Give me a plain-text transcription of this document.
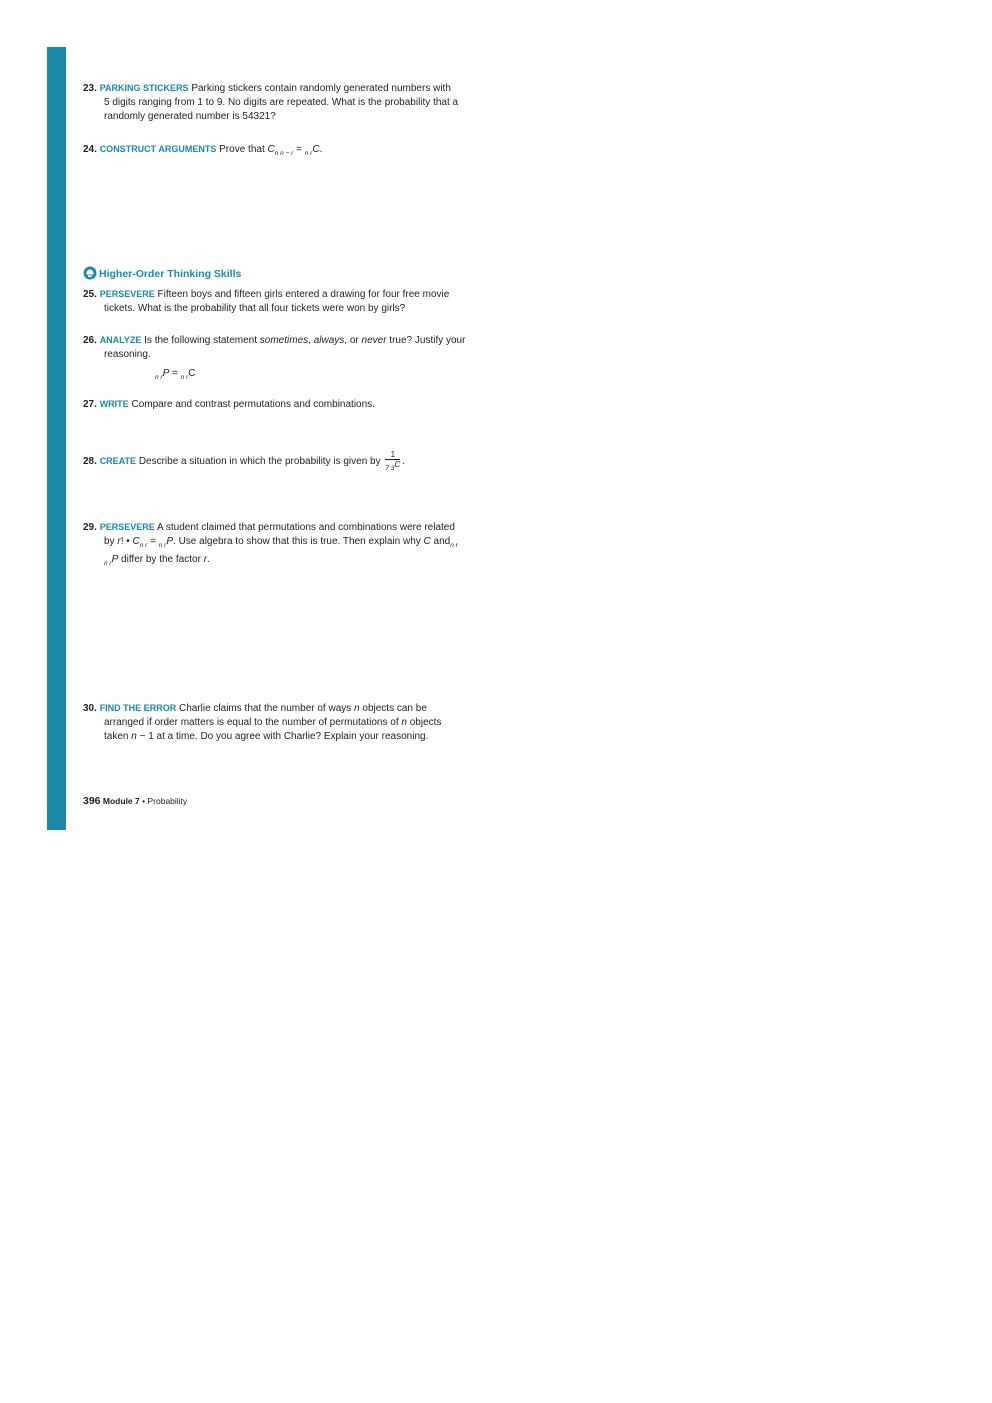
23. PARKING STICKERS Parking stickers contain randomly generated numbers with
5 digits ranging from 1 to 9. No digits are repeated. What is the probability that a
randomly generated number is 54321?
24. CONSTRUCT ARGUMENTS Prove that $C_{n n - r} = _{n r}C$.
Higher-Order Thinking Skills
25. PERSEVERE Fifteen boys and fifteen girls entered a drawing for four free movie
tickets. What is the probability that all four tickets were won by girls?
26. ANALYZE Is the following statement sometimes, always, or never true? Justify your
reasoning.
$_{n r}$P = $_{n r}$C
27. WRITE Compare and contrast permutations and combinations.
28. CREATE Describe a situation in which the probability is given by $\frac{1}{_{7 3}C}$ .
29. PERSEVERE A student claimed that permutations and combinations were related
by r! • $C_{n r} = _{n r}P$. Use algebra to show that this is true. Then explain why C and$_{n r}$
$_{n r}$P differ by the factor r.
30. FIND THE ERROR Charlie claims that the number of ways n objects can be
arranged if order matters is equal to the number of permutations of n objects
taken n − 1 at a time. Do you agree with Charlie? Explain your reasoning.
396 Module 7 • Probability
